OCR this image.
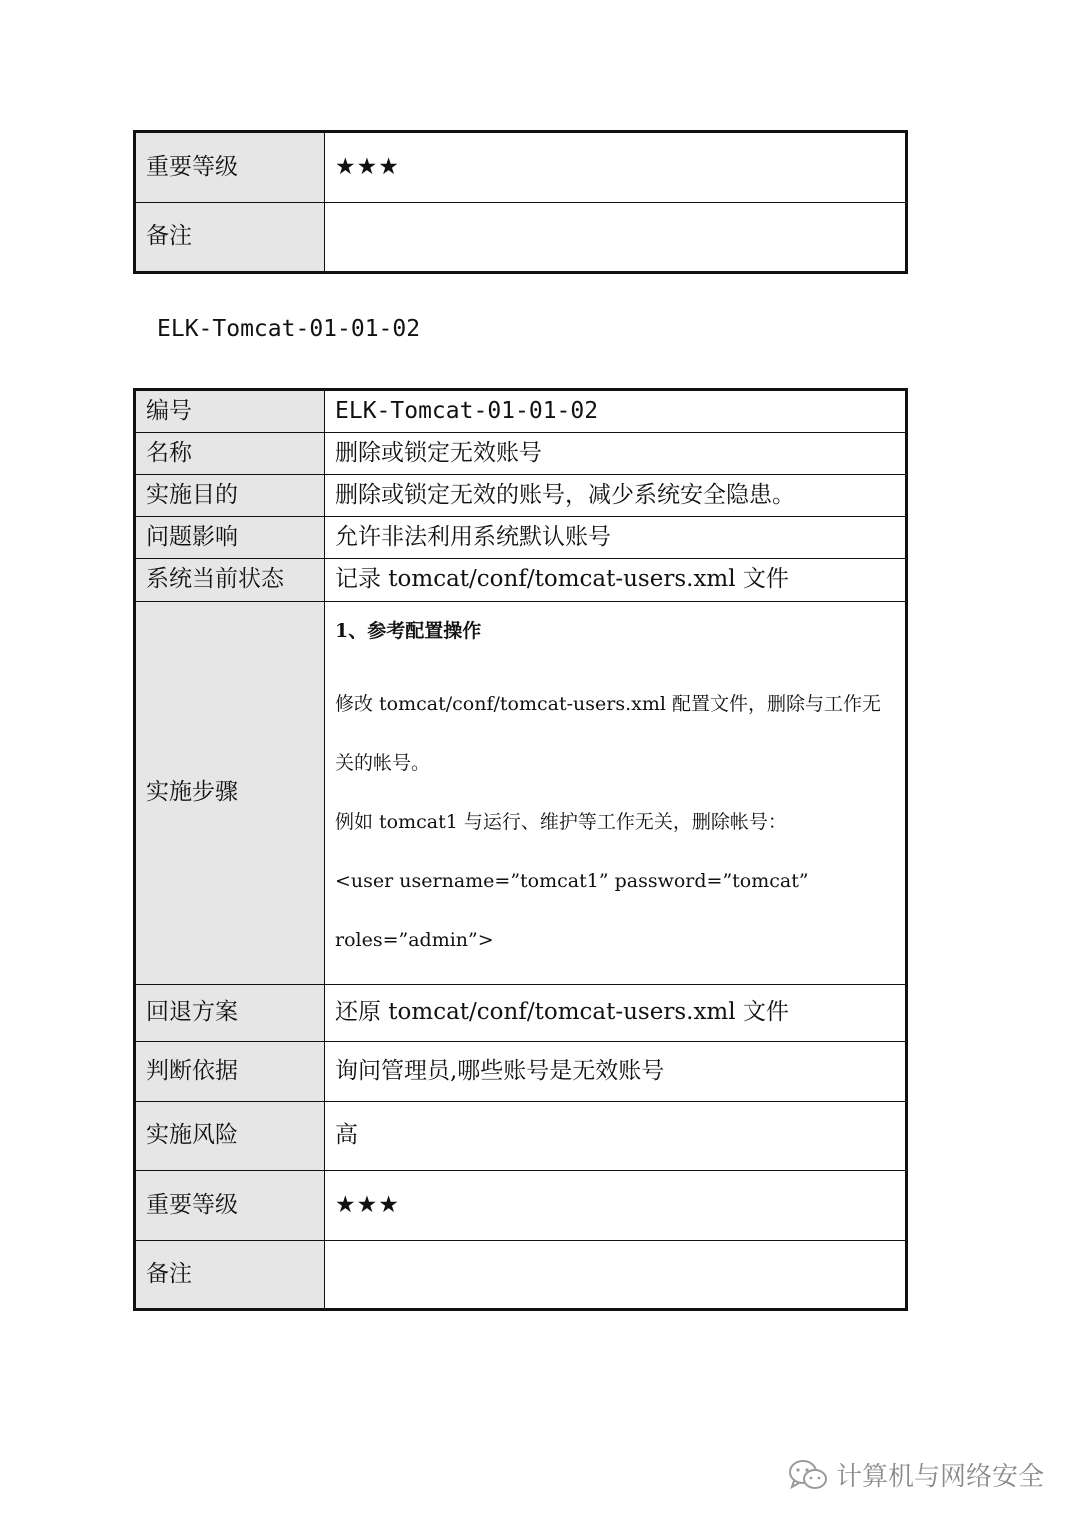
重要等级	★★★
备注	
ELK-Tomcat-01-01-02
编号	ELK-Tomcat-01-01-02
名称	删除或锁定无效账号
实施目的	删除或锁定无效的账号，减少系统安全隐患。
问题影响	允许非法利用系统默认账号
系统当前状态	记录 tomcat/conf/tomcat-users.xml 文件
实施步骤	1、参考配置操作

修改 tomcat/conf/tomcat-users.xml 配置文件，删除与工作无

关的帐号。

例如 tomcat1 与运行、维护等工作无关，删除帐号：

<user username=”tomcat1” password=”tomcat” roles=”admin”>

回退方案	还原 tomcat/conf/tomcat-users.xml 文件
判断依据	询问管理员,哪些账号是无效账号
实施风险	高
重要等级	★★★
备注	
计算机与网络安全
